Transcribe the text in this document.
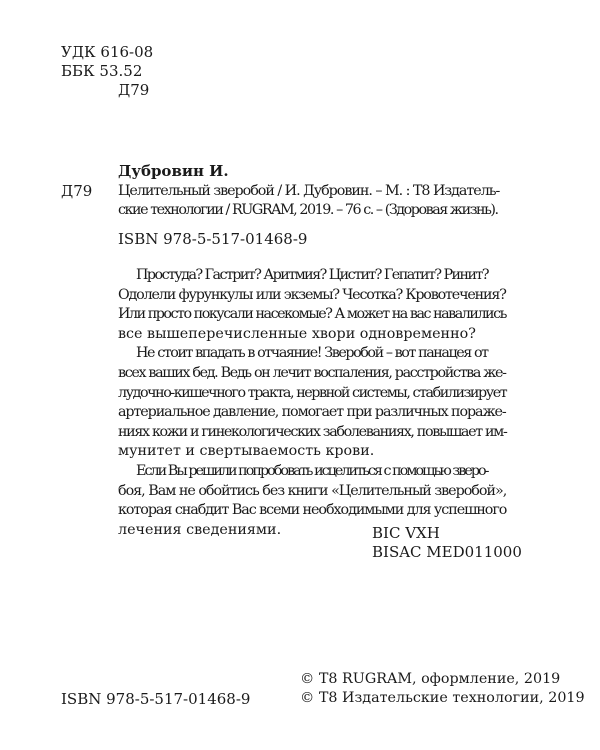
УДК 616-08
ББК 53.52
Д79
Дубровин И.
Д79 Целительный зверобой / И. Дубровин. – М. : Т8 Издатель-
ские технологии / RUGRAM, 2019. – 76 с. – (Здоровая жизнь).
ISBN 978-5-517-01468-9
Простуда? Гастрит? Аритмия? Цистит? Гепатит? Ринит?
Одолели фурункулы или экземы? Чесотка? Кровотечения?
Или просто покусали насекомые? А может на вас навалились
все вышеперечисленные хвори одновременно?
Не стоит впадать в отчаяние! Зверобой – вот панацея от
всех ваших бед. Ведь он лечит воспаления, расстройства же-
лудочно-кишечного тракта, нервной системы, стабилизирует
артериальное давление, помогает при различных пораже-
ниях кожи и гинекологических заболеваниях, повышает им-
мунитет и свертываемость крови.
Если Вы решили попробовать исцелиться с помощью зверо-
боя, Вам не обойтись без книги «Целительный зверобой»,
которая снабдит Вас всеми необходимыми для успешного
лечения сведениями.	BIC VXH
BISAC MED011000
ISBN 978-5-517-01468-9
© Т8 RUGRAM, оформление, 2019
© Т8 Издательские технологии, 2019
